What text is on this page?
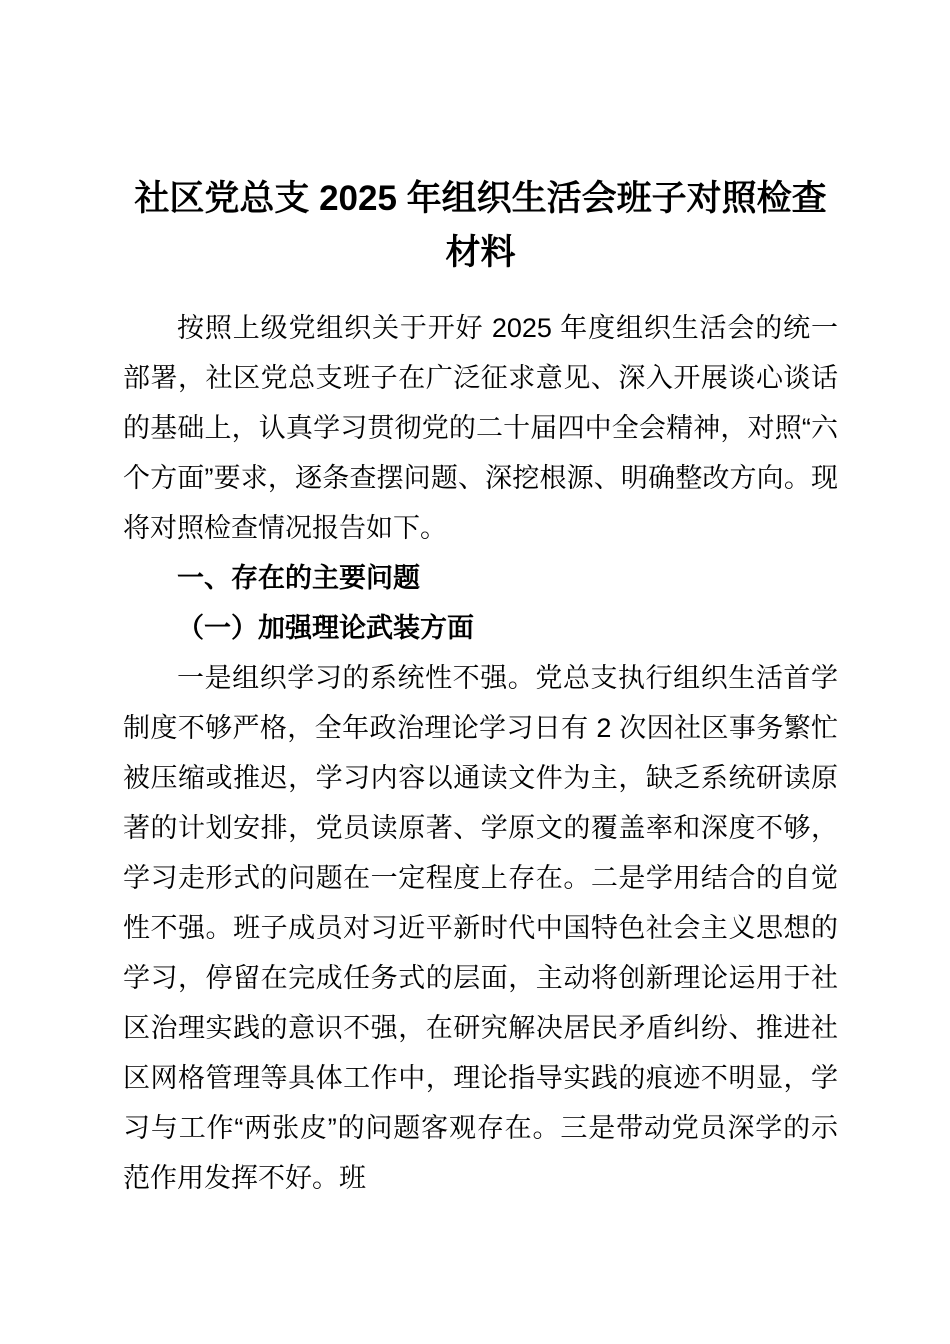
社区党总支 2025 年组织生活会班子对照检查材料

按照上级党组织关于开好 2025 年度组织生活会的统一部署，社区党总支班子在广泛征求意见、深入开展谈心谈话的基础上，认真学习贯彻党的二十届四中全会精神，对照“六个方面”要求，逐条查摆问题、深挖根源、明确整改方向。现将对照检查情况报告如下。

一、存在的主要问题

（一）加强理论武装方面

一是组织学习的系统性不强。党总支执行组织生活首学制度不够严格，全年政治理论学习日有 2 次因社区事务繁忙被压缩或推迟，学习内容以通读文件为主，缺乏系统研读原著的计划安排，党员读原著、学原文的覆盖率和深度不够，学习走形式的问题在一定程度上存在。二是学用结合的自觉性不强。班子成员对习近平新时代中国特色社会主义思想的学习，停留在完成任务式的层面，主动将创新理论运用于社区治理实践的意识不强，在研究解决居民矛盾纠纷、推进社区网格管理等具体工作中，理论指导实践的痕迹不明显，学习与工作“两张皮”的问题客观存在。三是带动党员深学的示范作用发挥不好。班
